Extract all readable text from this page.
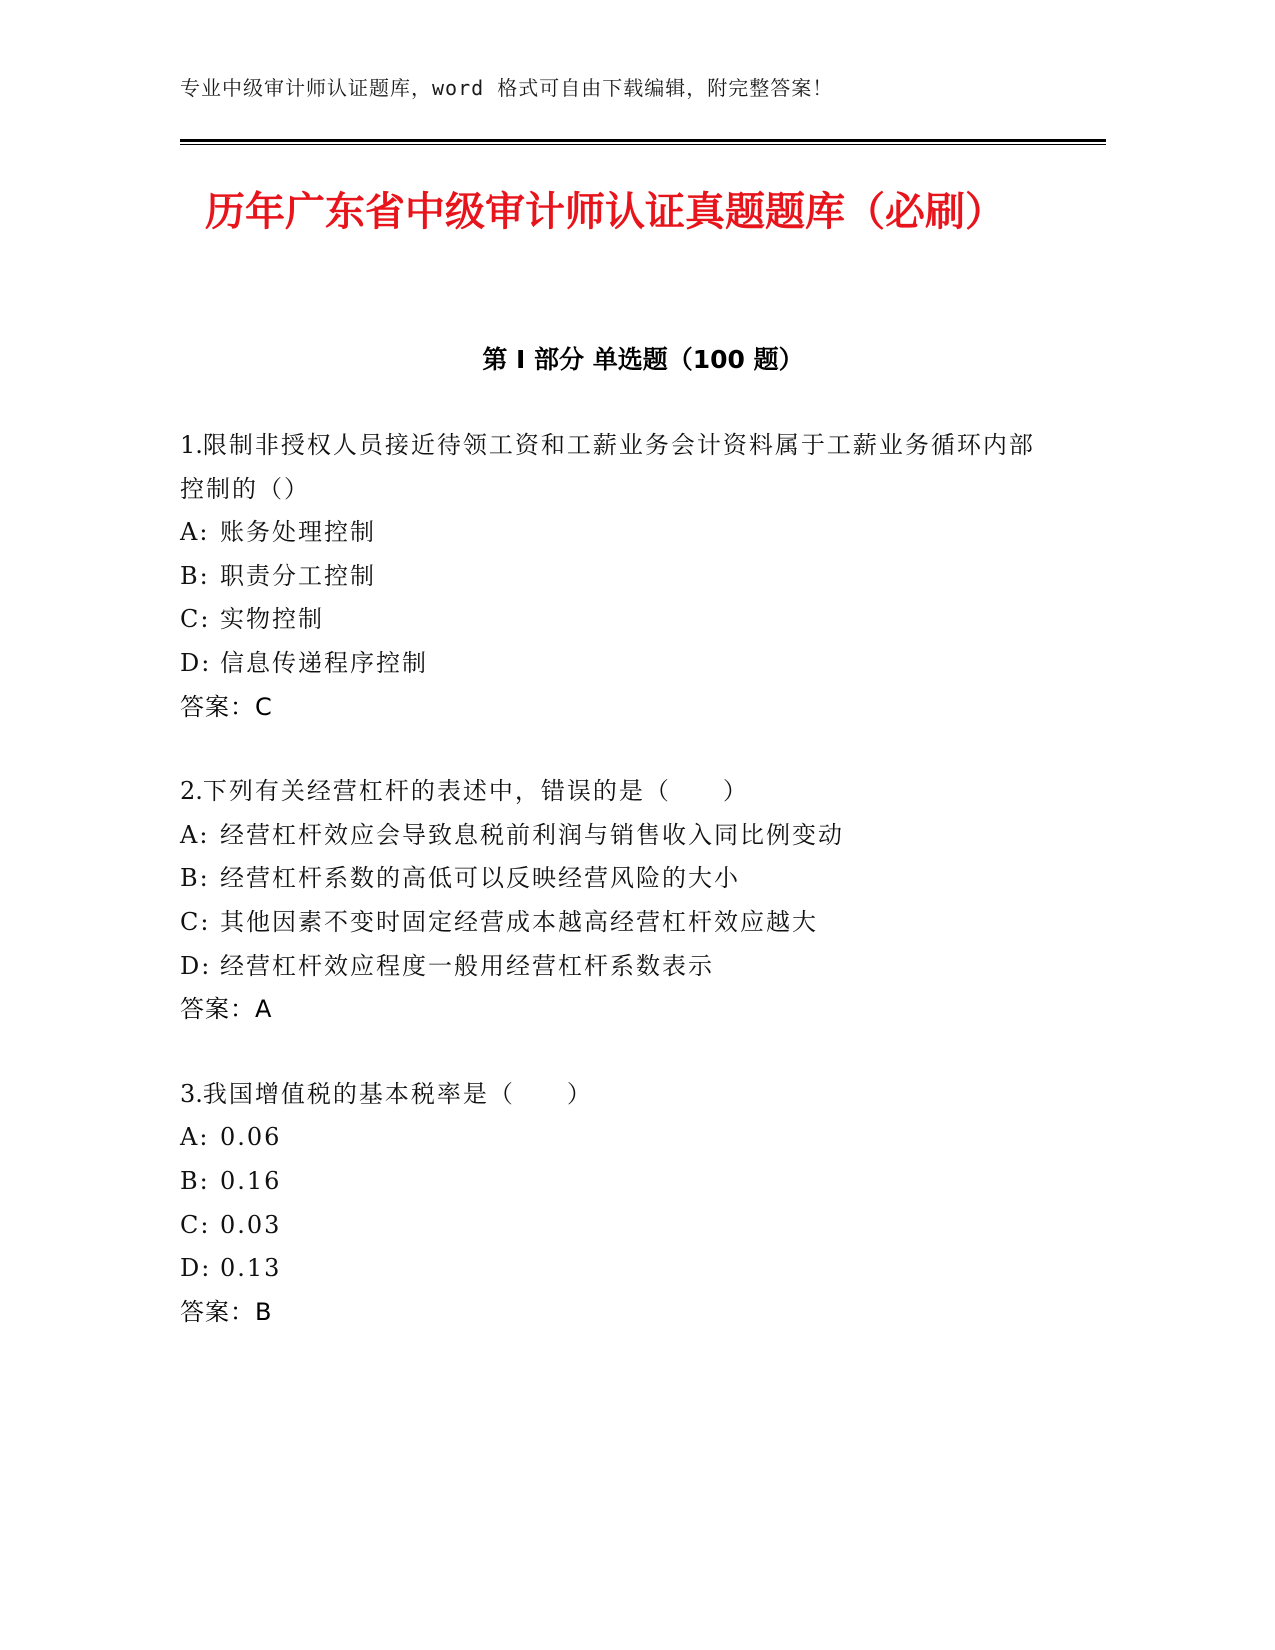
专业中级审计师认证题库，word 格式可自由下载编辑，附完整答案！
历年广东省中级审计师认证真题题库（必刷）
第 I 部分 单选题（100 题）
1.限制非授权人员接近待领工资和工薪业务会计资料属于工薪业务循环内部控制的（）
A: 账务处理控制
B: 职责分工控制
C: 实物控制
D: 信息传递程序控制
答案：C
2.下列有关经营杠杆的表述中，错误的是（　　）
A: 经营杠杆效应会导致息税前利润与销售收入同比例变动
B: 经营杠杆系数的高低可以反映经营风险的大小
C: 其他因素不变时固定经营成本越高经营杠杆效应越大
D: 经营杠杆效应程度一般用经营杠杆系数表示
答案：A
3.我国增值税的基本税率是（　　）
A: 0.06
B: 0.16
C: 0.03
D: 0.13
答案：B
